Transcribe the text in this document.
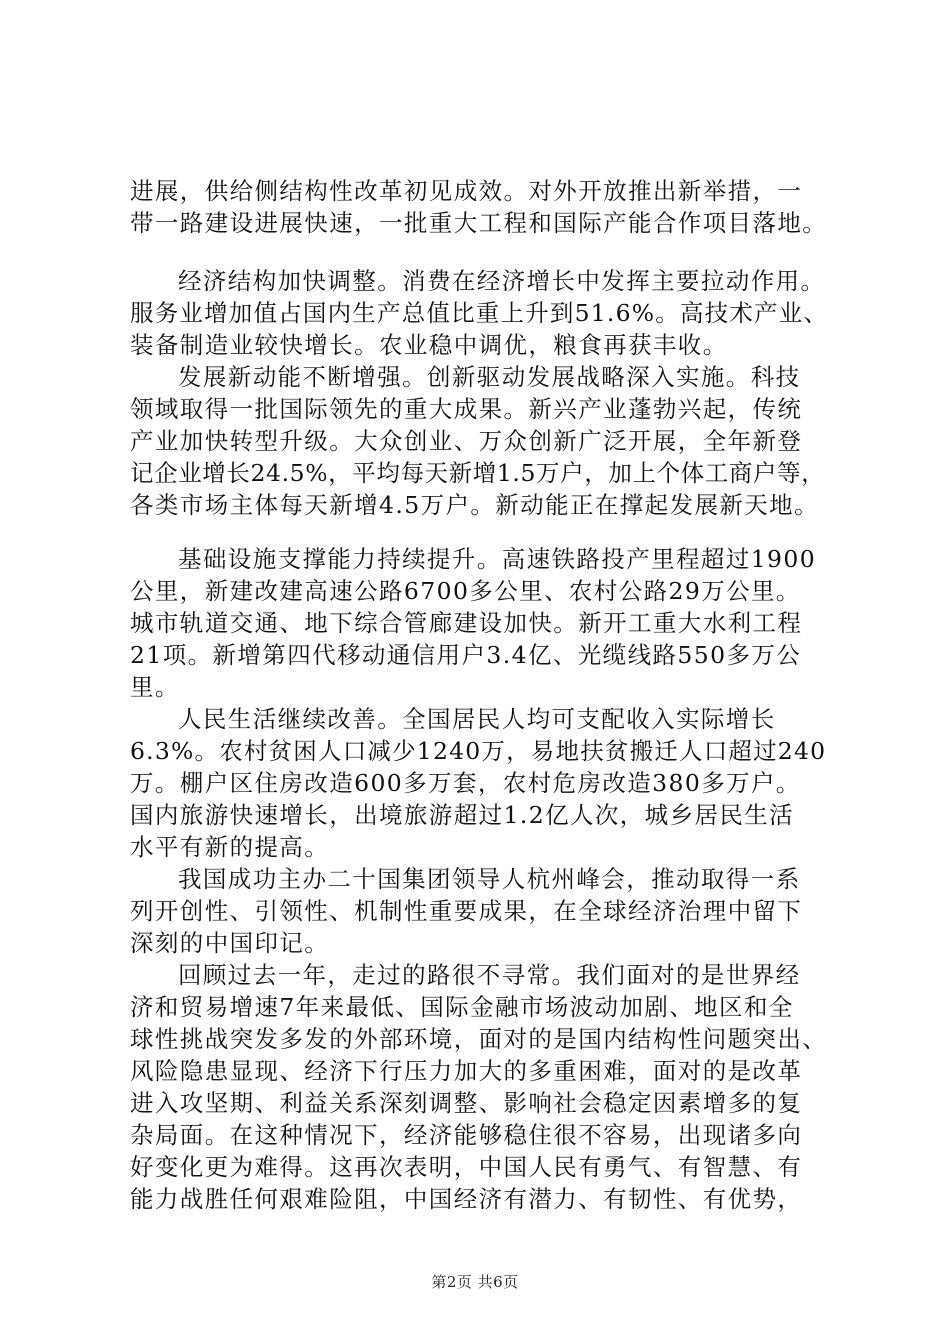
进展，供给侧结构性改革初见成效。对外开放推出新举措，一
带一路建设进展快速，一批重大工程和国际产能合作项目落地。
经济结构加快调整。消费在经济增长中发挥主要拉动作用。
服务业增加值占国内生产总值比重上升到51.6%。高技术产业、
装备制造业较快增长。农业稳中调优，粮食再获丰收。
发展新动能不断增强。创新驱动发展战略深入实施。科技
领域取得一批国际领先的重大成果。新兴产业蓬勃兴起，传统
产业加快转型升级。大众创业、万众创新广泛开展，全年新登
记企业增长24.5%，平均每天新增1.5万户，加上个体工商户等，
各类市场主体每天新增4.5万户。新动能正在撑起发展新天地。
基础设施支撑能力持续提升。高速铁路投产里程超过1900
公里，新建改建高速公路6700多公里、农村公路29万公里。
城市轨道交通、地下综合管廊建设加快。新开工重大水利工程
21项。新增第四代移动通信用户3.4亿、光缆线路550多万公
里。
人民生活继续改善。全国居民人均可支配收入实际增长
6.3%。农村贫困人口减少1240万，易地扶贫搬迁人口超过240
万。棚户区住房改造600多万套，农村危房改造380多万户。
国内旅游快速增长，出境旅游超过1.2亿人次，城乡居民生活
水平有新的提高。
我国成功主办二十国集团领导人杭州峰会，推动取得一系
列开创性、引领性、机制性重要成果，在全球经济治理中留下
深刻的中国印记。
回顾过去一年，走过的路很不寻常。我们面对的是世界经
济和贸易增速7年来最低、国际金融市场波动加剧、地区和全
球性挑战突发多发的外部环境，面对的是国内结构性问题突出、
风险隐患显现、经济下行压力加大的多重困难，面对的是改革
进入攻坚期、利益关系深刻调整、影响社会稳定因素增多的复
杂局面。在这种情况下，经济能够稳住很不容易，出现诸多向
好变化更为难得。这再次表明，中国人民有勇气、有智慧、有
能力战胜任何艰难险阻，中国经济有潜力、有韧性、有优势，
第2页 共6页
